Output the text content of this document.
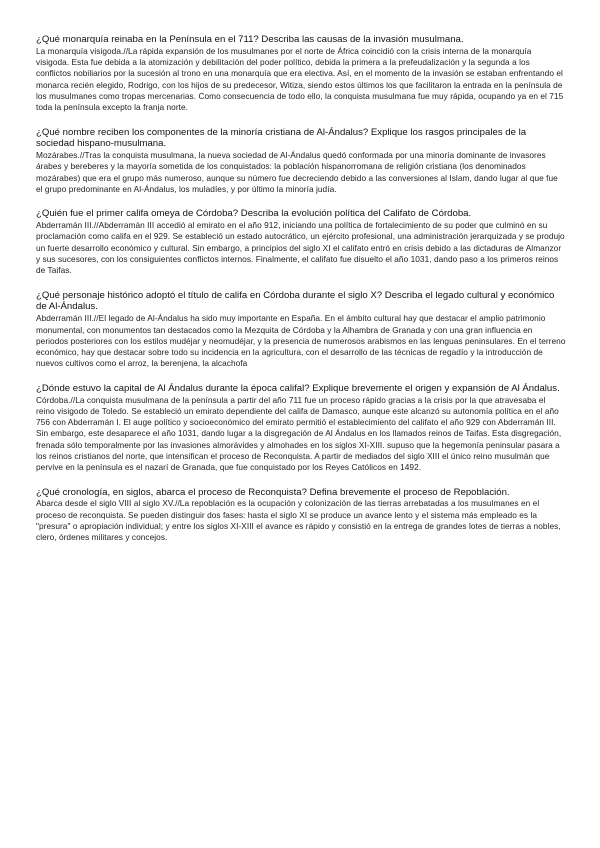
¿Qué monarquía reinaba en la Península en el 711? Describa las causas de la invasión musulmana.

La monarquía visigoda.//La rápida expansión de los musulmanes por el norte de África coincidió con la crisis interna de la monarquía visigoda. Esta fue debida a la atomización y debilitación del poder político, debida la primera a la prefeudalización y la segunda a los conflictos nobiliarios por la sucesión al trono en una monarquía que era electiva. Así, en el momento de la invasión se estaban enfrentando el monarca recién elegido, Rodrigo, con los hijos de su predecesor, Witiza, siendo estos últimos los que facilitaron la entrada en la península de los musulmanes como tropas mercenarias. Como consecuencia de todo ello, la conquista musulmana fue muy rápida, ocupando ya en el 715 toda la península excepto la franja norte.

¿Qué nombre reciben los componentes de la minoría cristiana de Al-Ándalus? Explique los rasgos principales de la sociedad hispano-musulmana.

Mozárabes.//Tras la conquista musulmana, la nueva sociedad de Al-Ándalus quedó conformada por una minoría dominante de invasores árabes y bereberes y la mayoría sometida de los conquistados: la población hispanorromana de religión cristiana (los denominados mozárabes) que era el grupo más numeroso, aunque su número fue decreciendo debido a las conversiones al Islam, dando lugar al que fue el grupo predominante en Al-Ándalus, los muladíes, y por último la minoría judía.

¿Quién fue el primer califa omeya de Córdoba? Describa la evolución política del Califato de Córdoba.

Abderramán III.//Abderramán III accedió al emirato en el año 912, iniciando una política de fortalecimiento de su poder que culminó en su proclamación como califa en el 929. Se estableció un estado autocrático, un ejército profesional, una administración jerarquizada y se produjo un fuerte desarrollo económico y cultural. Sin embargo, a principios del siglo XI el califato entró en crisis debido a las dictaduras de Almanzor y sus sucesores, con los consiguientes conflictos internos. Finalmente, el califato fue disuelto el año 1031, dando paso a los primeros reinos de Taifas.

¿Qué personaje histórico adoptó el título de califa en Córdoba durante el siglo X? Describa el legado cultural y económico de Al-Ándalus.

Abderramán III.//El legado de Al-Ándalus ha sido muy importante en España. En el ámbito cultural hay que destacar el amplio patrimonio monumental, con monumentos tan destacados como la Mezquita de Córdoba y la Alhambra de Granada y con una gran influencia en periodos posteriores con los estilos mudéjar y neomudéjar, y la presencia de numerosos arabismos en las lenguas peninsulares. En el terreno económico, hay que destacar sobre todo su incidencia en la agricultura, con el desarrollo de las técnicas de regadío y la introducción de nuevos cultivos como el arroz, la berenjena, la alcachofa

¿Dónde estuvo la capital de Al Ándalus durante la época califal? Explique brevemente el origen y expansión de Al Ándalus.

Córdoba.//La conquista musulmana de la península a partir del año 711 fue un proceso rápido gracias a la crisis por la que atravesaba el reino visigodo de Toledo. Se estableció un emirato dependiente del califa de Damasco, aunque este alcanzó su autonomía política en el año 756 con Abderramán I. El auge político y socioeconómico del emirato permitió el establecimiento del califato el año 929 con Abderramán III. Sin embargo, este desaparece el año 1031, dando lugar a la disgregación de Al Ándalus en los llamados reinos de Taifas. Esta disgregación, frenada sólo temporalmente por las invasiones almorávides y almohades en los siglos XI-XIII. supuso que la hegemonía peninsular pasara a los reinos cristianos del norte, que intensifican el proceso de Reconquista. A partir de mediados del siglo XIII el único reino musulmán que pervive en la península es el nazarí de Granada, que fue conquistado por los Reyes Católicos en 1492.

¿Qué cronología, en siglos, abarca el proceso de Reconquista? Defina brevemente el proceso de Repoblación.

Abarca desde el siglo VIII al siglo XV.//La repoblación es la ocupación y colonización de las tierras arrebatadas a los musulmanes en el proceso de reconquista. Se pueden distinguir dos fases: hasta el siglo XI se produce un avance lento y el sistema más empleado es la "presura" o apropiación individual; y entre los siglos XI-XIII el avance es rápido y consistió en la entrega de grandes lotes de tierras a nobles, clero, órdenes militares y concejos.
